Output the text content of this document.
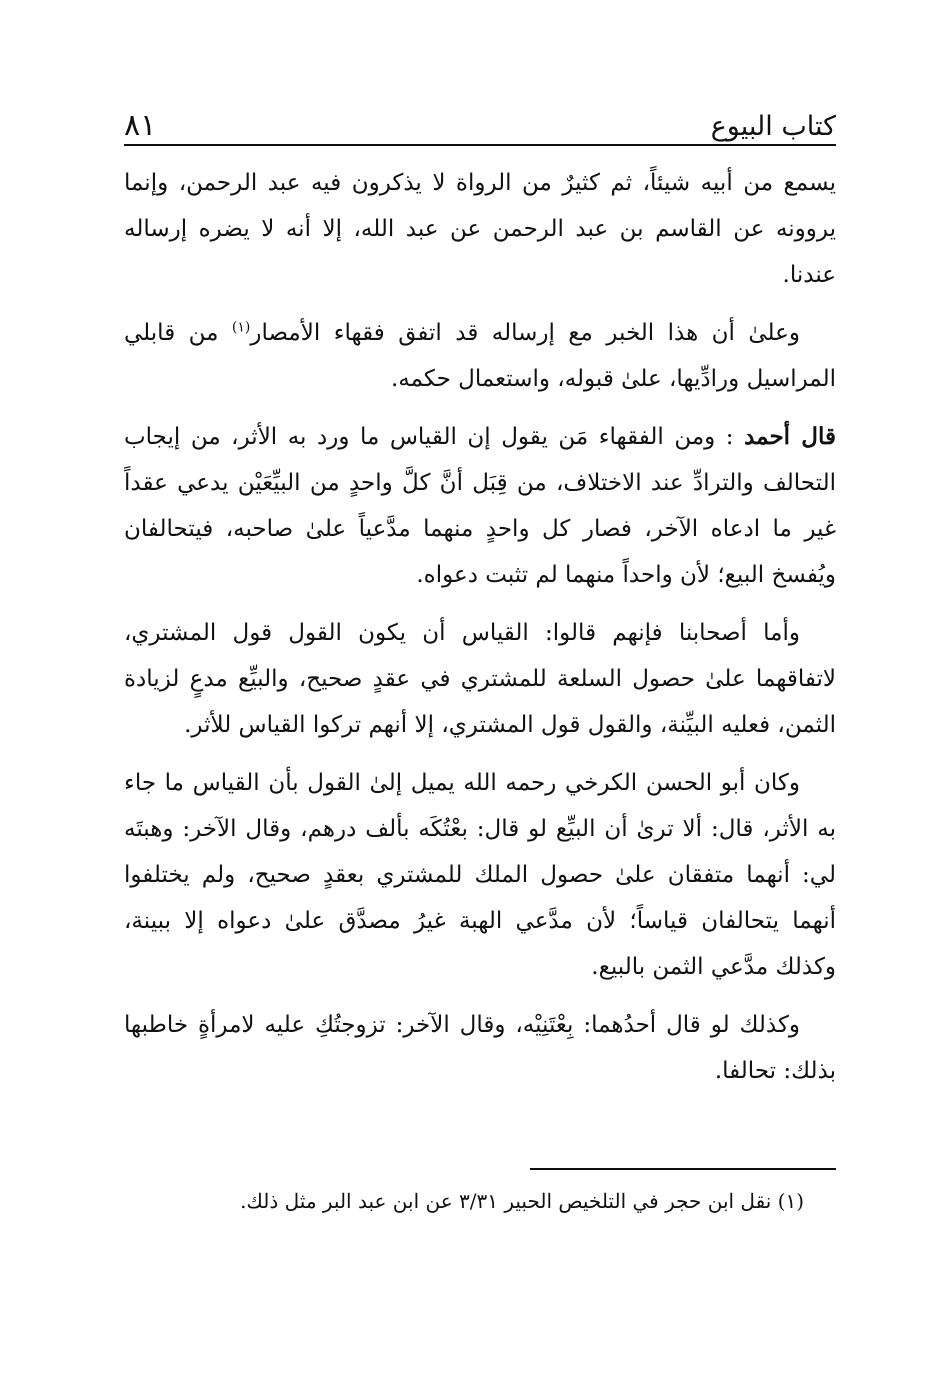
كتاب البيوع
٨١

يسمع من أبيه شيئاً، ثم كثيرٌ من الرواة لا يذكرون فيه عبد الرحمن، وإنما يروونه عن القاسم بن عبد الرحمن عن عبد الله، إلا أنه لا يضره إرساله عندنا.

وعلىٰ أن هذا الخبر مع إرساله قد اتفق فقهاء الأمصار$^{(١)}$ من قابلي المراسيل ورادِّيها، علىٰ قبوله، واستعمال حكمه.

قال أحمد : ومن الفقهاء مَن يقول إن القياس ما ورد به الأثر، من إيجاب التحالف والترادِّ عند الاختلاف، من قِبَل أنَّ كلَّ واحدٍ من البيِّعَيْن يدعي عقداً غير ما ادعاه الآخر، فصار كل واحدٍ منهما مدَّعياً علىٰ صاحبه، فيتحالفان ويُفسخ البيع؛ لأن واحداً منهما لم تثبت دعواه.

وأما أصحابنا فإنهم قالوا: القياس أن يكون القول قول المشتري، لاتفاقهما علىٰ حصول السلعة للمشتري في عقدٍ صحيح، والبيِّع مدعٍ لزيادة الثمن، فعليه البيِّنة، والقول قول المشتري، إلا أنهم تركوا القياس للأثر.

وكان أبو الحسن الكرخي رحمه الله يميل إلىٰ القول بأن القياس ما جاء به الأثر، قال: ألا ترىٰ أن البيِّع لو قال: بعْتُكَه بألف درهم، وقال الآخر: وهبتَه لي: أنهما متفقان علىٰ حصول الملك للمشتري بعقدٍ صحيح، ولم يختلفوا أنهما يتحالفان قياساً؛ لأن مدَّعي الهبة غيرُ مصدَّق علىٰ دعواه إلا ببينة، وكذلك مدَّعي الثمن بالبيع.

وكذلك لو قال أحدُهما: بِعْتَنِيْه، وقال الآخر: تزوجتُكِ عليه لامرأةٍ خاطبها بذلك: تحالفا.

(١) نقل ابن حجر في التلخيص الحبير ٣/٣١ عن ابن عبد البر مثل ذلك.
